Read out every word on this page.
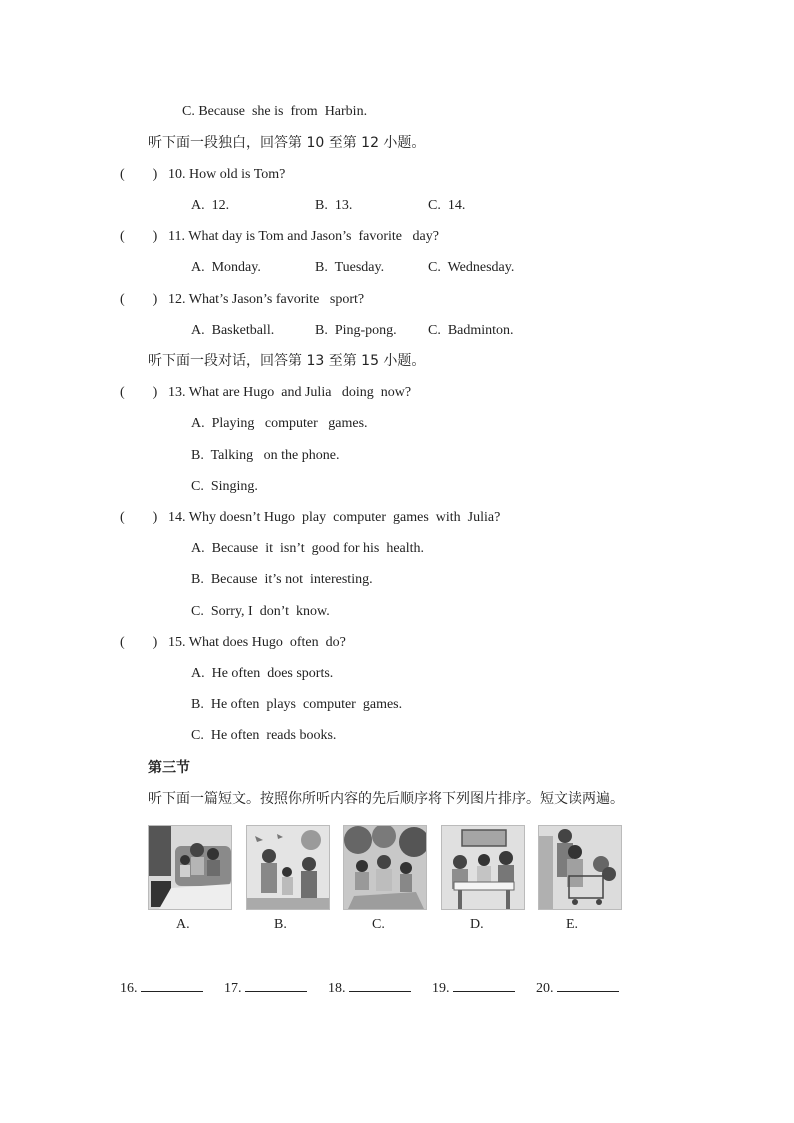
C. Because  she is  from  Harbin.
听下面一段独白，回答第 10 至第 12 小题。
(        ) 10. How old is Tom?
A.  12.	B.  13.	C.  14.
(        ) 11. What day is Tom and Jason’s  favorite   day?
A.  Monday.	B.  Tuesday.	C.  Wednesday.
(        ) 12. What’s Jason’s favorite   sport?
A.  Basketball.	B.  Ping-pong. C.  Badminton.
听下面一段对话，回答第 13 至第 15 小题。
(        ) 13. What are Hugo  and Julia   doing  now?
A.  Playing   computer   games.
B.  Talking   on the phone.
C.  Singing.
(        ) 14. Why doesn’t Hugo  play  computer  games  with  Julia?
A.  Because  it  isn’t  good for his  health.
B.  Because  it’s not  interesting.
C.  Sorry, I  don’t  know.
(        ) 15. What does Hugo  often  do?
A.  He often  does sports.
B.  He often  plays  computer  games.
C.  He often  reads books.
第三节
听下面一篇短文。按照你所听内容的先后顺序将下列图片排序。短文读两遍。
A.	B.	C.	D.	E.
16.	17.	18.	19.	20.
